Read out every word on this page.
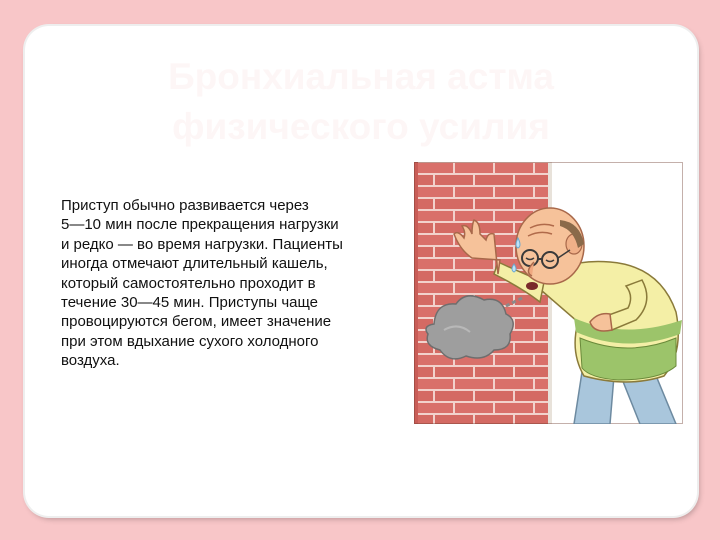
Бронхиальная астма
физического усилия

Приступ обычно развивается через
5—10 мин после прекращения нагрузки
и редко — во время нагрузки. Пациенты
иногда отмечают длительный кашель,
который самостоятельно проходит в
течение 30—45 мин. Приступы чаще
провоцируются бегом, имеет значение
при этом вдыхание сухого холодного
воздуха.
